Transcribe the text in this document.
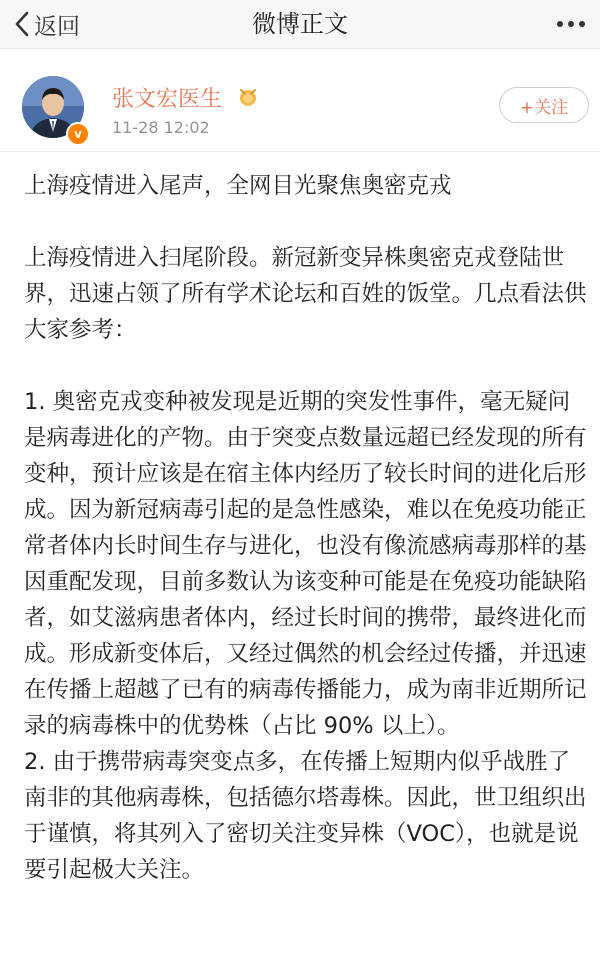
返回	微博正文
v
张文宏医生
11-28 12:02
+关注

上海疫情进入尾声，全网目光聚焦奥密克戎

上海疫情进入扫尾阶段。新冠新变异株奥密克戎登陆世界，迅速占领了所有学术论坛和百姓的饭堂。几点看法供大家参考：

1. 奥密克戎变种被发现是近期的突发性事件，毫无疑问是病毒进化的产物。由于突变点数量远超已经发现的所有变种，预计应该是在宿主体内经历了较长时间的进化后形成。因为新冠病毒引起的是急性感染，难以在免疫功能正常者体内长时间生存与进化，也没有像流感病毒那样的基因重配发现，目前多数认为该变种可能是在免疫功能缺陷者，如艾滋病患者体内，经过长时间的携带，最终进化而成。形成新变体后，又经过偶然的机会经过传播，并迅速在传播上超越了已有的病毒传播能力，成为南非近期所记录的病毒株中的优势株（占比 90% 以上）。

2. 由于携带病毒突变点多，在传播上短期内似乎战胜了南非的其他病毒株，包括德尔塔毒株。因此，世卫组织出于谨慎，将其列入了密切关注变异株（VOC），也就是说要引起极大关注。
